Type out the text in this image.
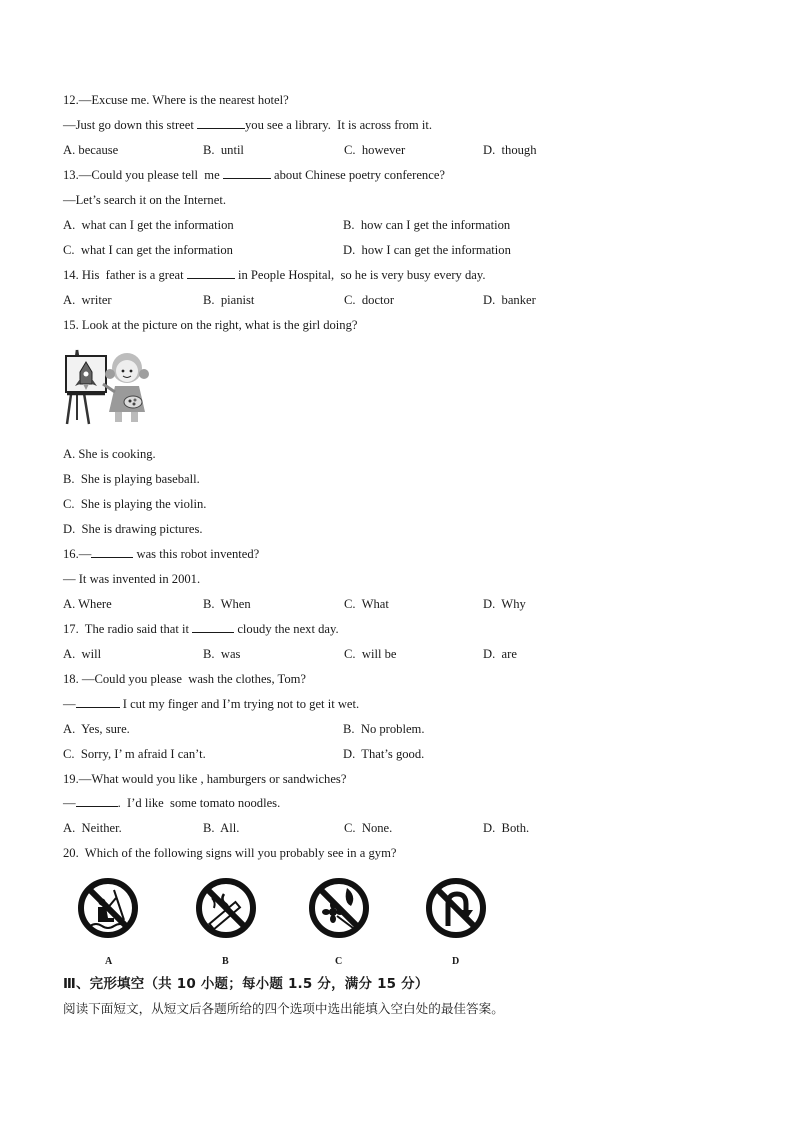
12.—Excuse me. Where is the nearest hotel?
—Just go down this street	you see a library.  It is across from it.
A. because	B.  until	C.  however	D.  though
13.—Could you please tell  me	about Chinese poetry conference?
—Let’s search it on the Internet.
A.  what can I get the information	B.  how can I get the information
C.  what I can get the information	D.  how I can get the information
14. His  father is a great	in People Hospital,  so he is very busy every day.
A.  writer	B.  pianist	C.  doctor	D.  banker
15. Look at the picture on the right, what is the girl doing?
A. She is cooking.
B.  She is playing baseball.
C.  She is playing the violin.
D.  She is drawing pictures.
16.—	was this robot invented?
— It was invented in 2001.
A. Where	B.  When	C.  What	D.  Why
17.  The radio said that it	cloudy the next day.
A.  will	B.  was	C.  will be	D.  are
18. —Could you please  wash the clothes, Tom?
—	I cut my finger and I’m trying not to get it wet.
A.  Yes, sure.	B.  No problem.
C.  Sorry, I’ m afraid I can’t.	D.  That’s good.
19.—What would you like , hamburgers or sandwiches?
—	.  I’d like  some tomato noodles.
A.  Neither.	B.  All.	C.  None.	D.  Both.
20.  Which of the following signs will you probably see in a gym?
A	B	C	D
Ⅲ、完形填空（共 10 小题；每小题 1.5 分，满分 15 分）
阅读下面短文，从短文后各题所给的四个选项中选出能填入空白处的最佳答案。
